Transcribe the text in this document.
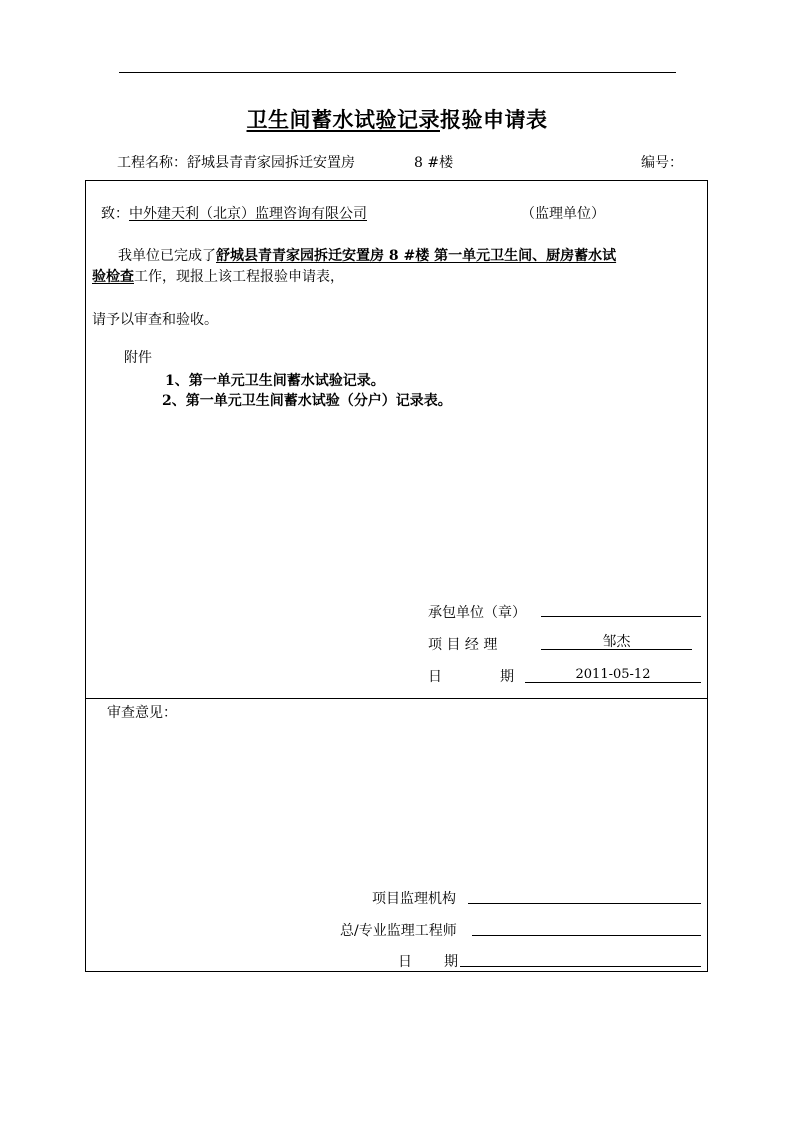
卫生间蓄水试验记录报验申请表
工程名称：舒城县青青家园拆迁安置房	8 #楼	编号：
致：中外建天利（北京）监理咨询有限公司	（监理单位）
我单位已完成了舒城县青青家园拆迁安置房 8 #楼 第一单元卫生间、厨房蓄水试
验检查工作，现报上该工程报验申请表，
请予以审查和验收。
附件
1、第一单元卫生间蓄水试验记录。
2、第一单元卫生间蓄水试验（分户）记录表。
承包单位（章）
项 目 经 理	邹杰
日	期	2011-05-12
审查意见：
项目监理机构
总/专业监理工程师
日 期
